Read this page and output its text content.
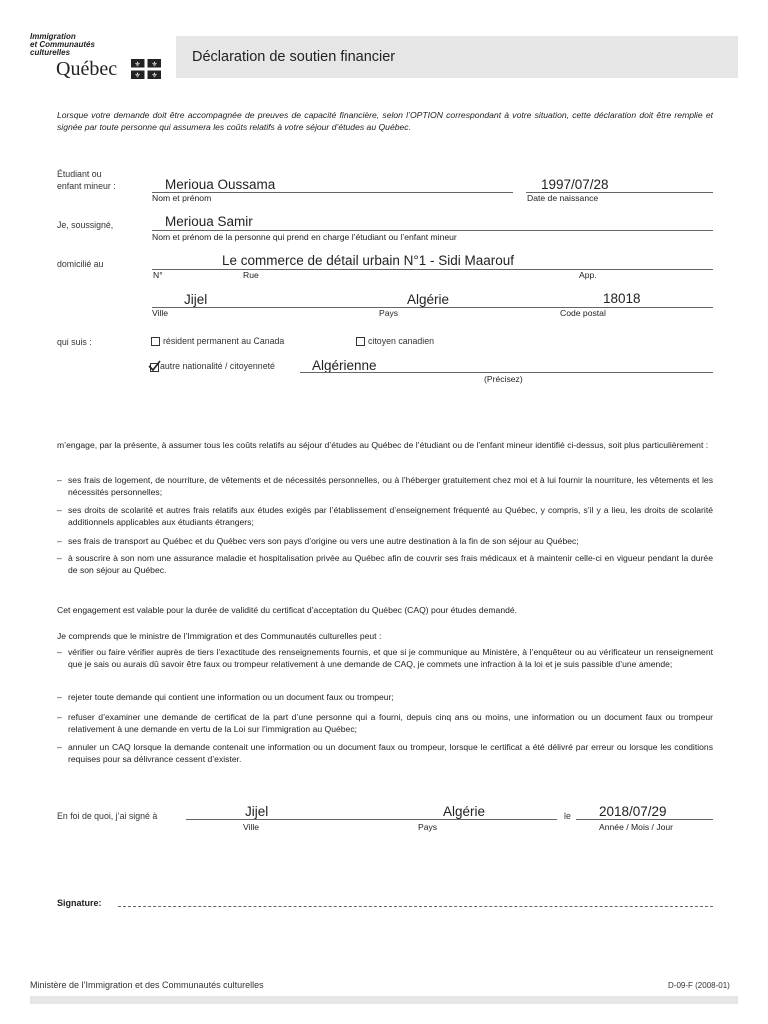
Immigration
et Communautés
culturelles
Québec ⚜ ⚜
⚜ ⚜
Déclaration de soutien financier
Lorsque votre demande doit être accompagnée de preuves de capacité financière, selon l’OPTION correspondant à votre situation, cette déclaration doit être remplie et signée par toute personne qui assumera les coûts relatifs à votre séjour d’études au Québec.
Étudiant ou
enfant mineur :	Merioua Oussama
Nom et prénom
1997/07/28
Date de naissance
Je, soussigné,	Merioua Samir
Nom et prénom de la personne qui prend en charge l’étudiant ou l’enfant mineur
domicilié au	Le commerce de détail urbain N°1 - Sidi Maarouf
N°	Rue	App.
Jijel	Algérie	18018
Ville	Pays	Code postal
qui suis :	résident permanent au Canada	citoyen canadien
autre nationalité / citoyenneté	Algérienne
(Précisez)
m’engage, par la présente, à assumer tous les coûts relatifs au séjour d’études au Québec de l’étudiant ou de l’enfant mineur identifié ci-dessus, soit plus particulièrement :
– ses frais de logement, de nourriture, de vêtements et de nécessités personnelles, ou à l’héberger gratuitement chez moi et à lui fournir la nourriture, les vêtements et les nécessités personnelles;
– ses droits de scolarité et autres frais relatifs aux études exigés par l’établissement d’enseignement fréquenté au Québec, y compris, s’il y a lieu, les droits de scolarité additionnels applicables aux étudiants étrangers;
– ses frais de transport au Québec et du Québec vers son pays d’origine ou vers une autre destination à la fin de son séjour au Québec;
– à souscrire à son nom une assurance maladie et hospitalisation privée au Québec afin de couvrir ses frais médicaux et à maintenir celle-ci en vigueur pendant la durée de son séjour au Québec.
Cet engagement est valable pour la durée de validité du certificat d’acceptation du Québec (CAQ) pour études demandé.
Je comprends que le ministre de l’Immigration et des Communautés culturelles peut :
– vérifier ou faire vérifier auprès de tiers l’exactitude des renseignements fournis, et que si je communique au Ministère, à l’enquêteur ou au vérificateur un renseignement que je sais ou aurais dû savoir être faux ou trompeur relativement à une demande de CAQ, je commets une infraction à la loi et je suis passible d’une amende;
– rejeter toute demande qui contient une information ou un document faux ou trompeur;
– refuser d’examiner une demande de certificat de la part d’une personne qui a fourni, depuis cinq ans ou moins, une information ou un document faux ou trompeur relativement à une demande en vertu de la Loi sur l’immigration au Québec;
– annuler un CAQ lorsque la demande contenait une information ou un document faux ou trompeur, lorsque le certificat a été délivré par erreur ou lorsque les conditions requises pour sa délivrance cessent d’exister.
En foi de quoi, j’ai signé à	Jijel	Algérie	le 2018/07/29
Ville	Pays	Année / Mois / Jour
Signature:
Ministère de l’Immigration et des Communautés culturelles	D-09-F (2008-01)
